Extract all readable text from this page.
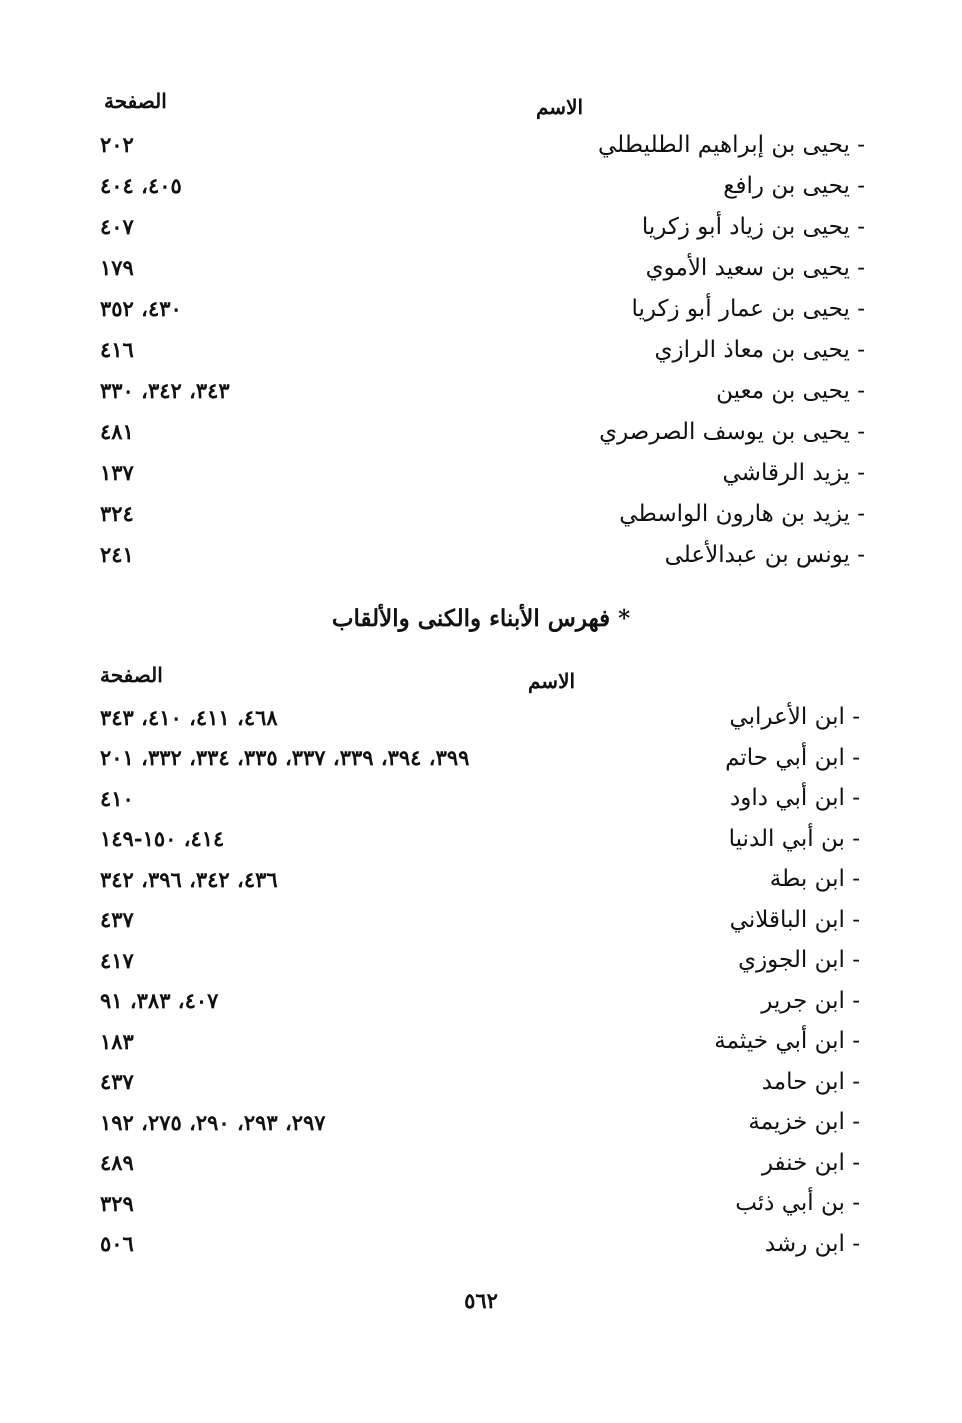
الصفحة	الاسم
٢٠٢	- يحيى بن إبراهيم الطليطلي
٤٠٥، ٤٠٤	- يحيى بن رافع
٤٠٧	- يحيى بن زياد أبو زكريا
١٧٩	- يحيى بن سعيد الأموي
٤٣٠، ٣٥٢	- يحيى بن عمار أبو زكريا
٤١٦	- يحيى بن معاذ الرازي
٣٤٣، ٣٤٢، ٣٣٠	- يحيى بن معين
٤٨١	- يحيى بن يوسف الصرصري
١٣٧	- يزيد الرقاشي
٣٢٤	- يزيد بن هارون الواسطي
٢٤١	- يونس بن عبدالأعلى
* فهرس الأبناء والكنى والألقاب
الصفحة	الاسم
٤٦٨، ٤١١، ٤١٠، ٣٤٣	- ابن الأعرابي
٣٩٩، ٣٩٤، ٣٣٩، ٣٣٧، ٣٣٥، ٣٣٤، ٣٣٢، ٢٠١	- ابن أبي حاتم
٤١٠	- ابن أبي داود
٤١٤، ١٥٠-١٤٩	- بن أبي الدنيا
٤٣٦، ٣٤٢، ٣٩٦، ٣٤٢	- ابن بطة
٤٣٧	- ابن الباقلاني
٤١٧	- ابن الجوزي
٤٠٧، ٣٨٣، ٩١	- ابن جرير
١٨٣	- ابن أبي خيثمة
٤٣٧	- ابن حامد
٢٩٧، ٢٩٣، ٢٩٠، ٢٧٥، ١٩٢	- ابن خزيمة
٤٨٩	- ابن خنفر
٣٢٩	- بن أبي ذئب
٥٠٦	- ابن رشد
٥٦٢
